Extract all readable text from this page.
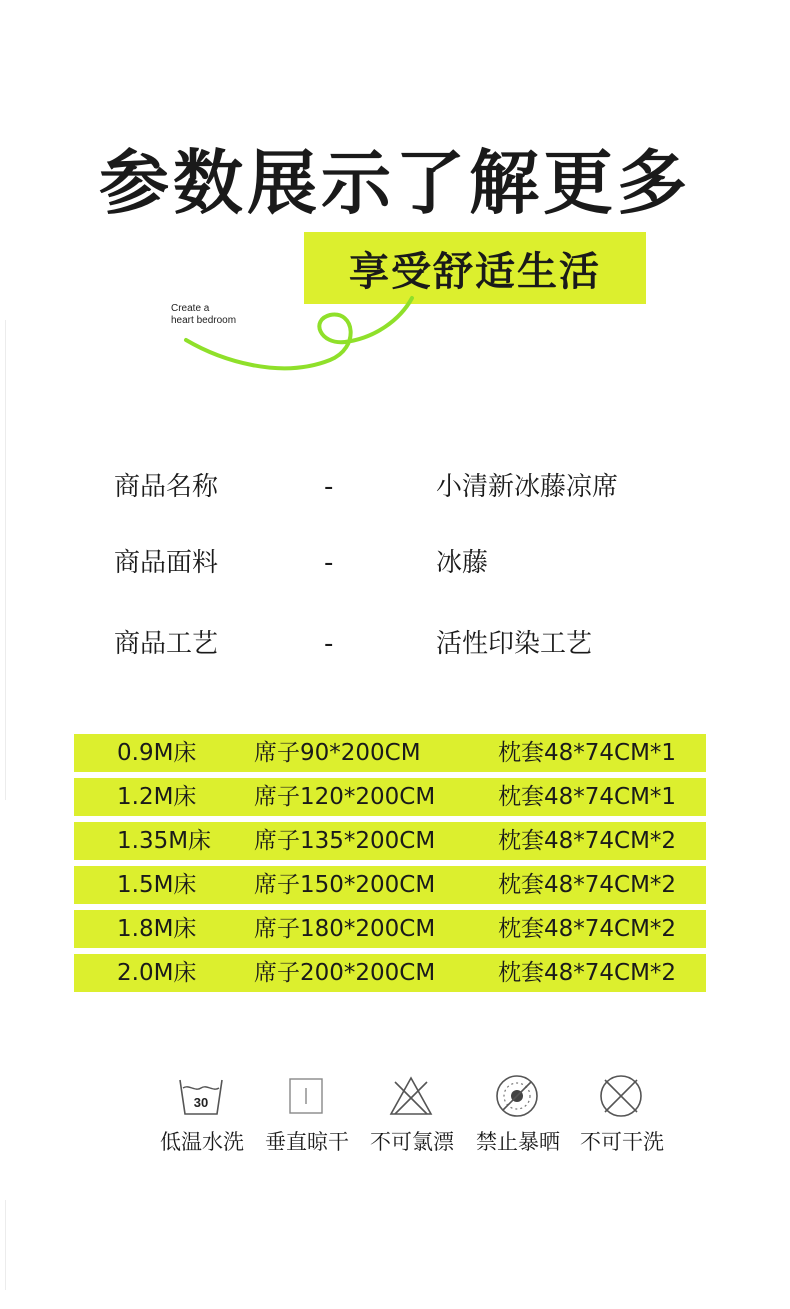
参数展示了解更多
享受舒适生活
Create a
heart bedroom
商品名称	-	小清新冰藤凉席
商品面料	-	冰藤
商品工艺	-	活性印染工艺
0.9M床	席子90*200CM	枕套48*74CM*1
1.2M床	席子120*200CM	枕套48*74CM*1
1.35M床 席子135*200CM	枕套48*74CM*2
1.5M床	席子150*200CM	枕套48*74CM*2
1.8M床	席子180*200CM	枕套48*74CM*2
2.0M床	席子200*200CM	枕套48*74CM*2
30
低温水洗	垂直晾干	不可氯漂	禁止暴晒 不可干洗
